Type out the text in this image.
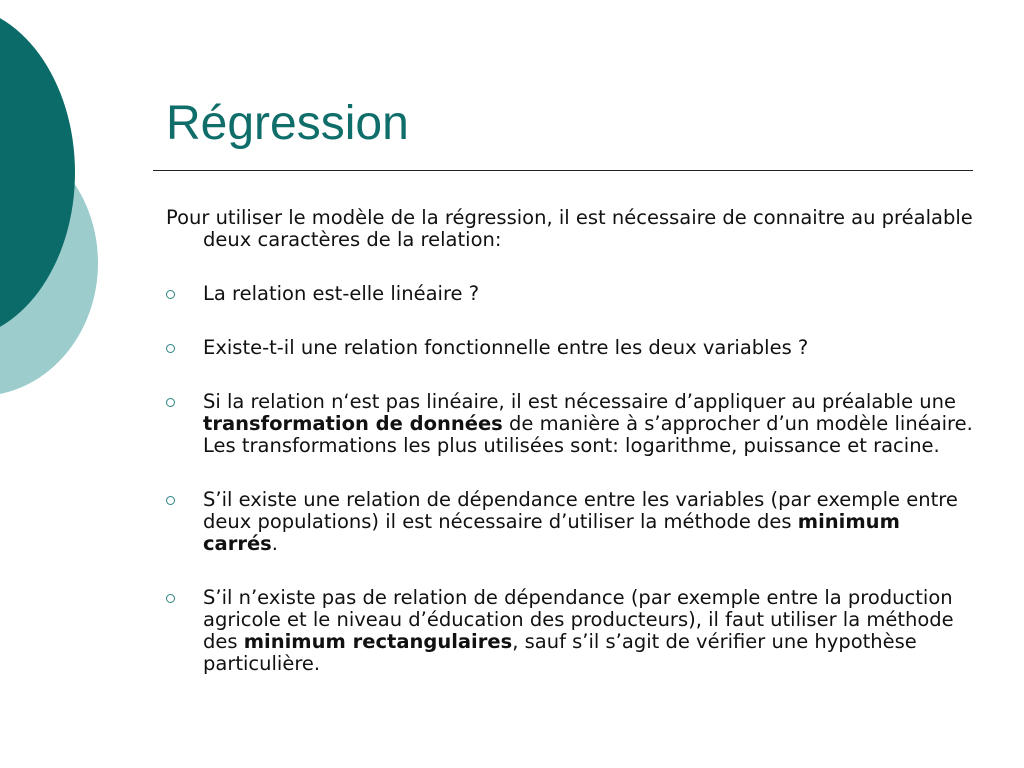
Régression

Pour utiliser le modèle de la régression, il est nécessaire de connaitre au préalable deux caractères de la relation:

La relation est-elle linéaire ?
Existe-t-il une relation fonctionnelle entre les deux variables ?
Si la relation n‘est pas linéaire, il est nécessaire d’appliquer au préalable une transformation de données de manière à s’approcher d’un modèle linéaire. Les transformations les plus utilisées sont: logarithme, puissance et racine.
S’il existe une relation de dépendance entre les variables (par exemple entre deux populations) il est nécessaire d’utiliser la méthode des minimum carrés.
S’il n’existe pas de relation de dépendance (par exemple entre la production agricole et le niveau d’éducation des producteurs), il faut utiliser la méthode des minimum rectangulaires, sauf s’il s’agit de vérifier une hypothèse particulière.
